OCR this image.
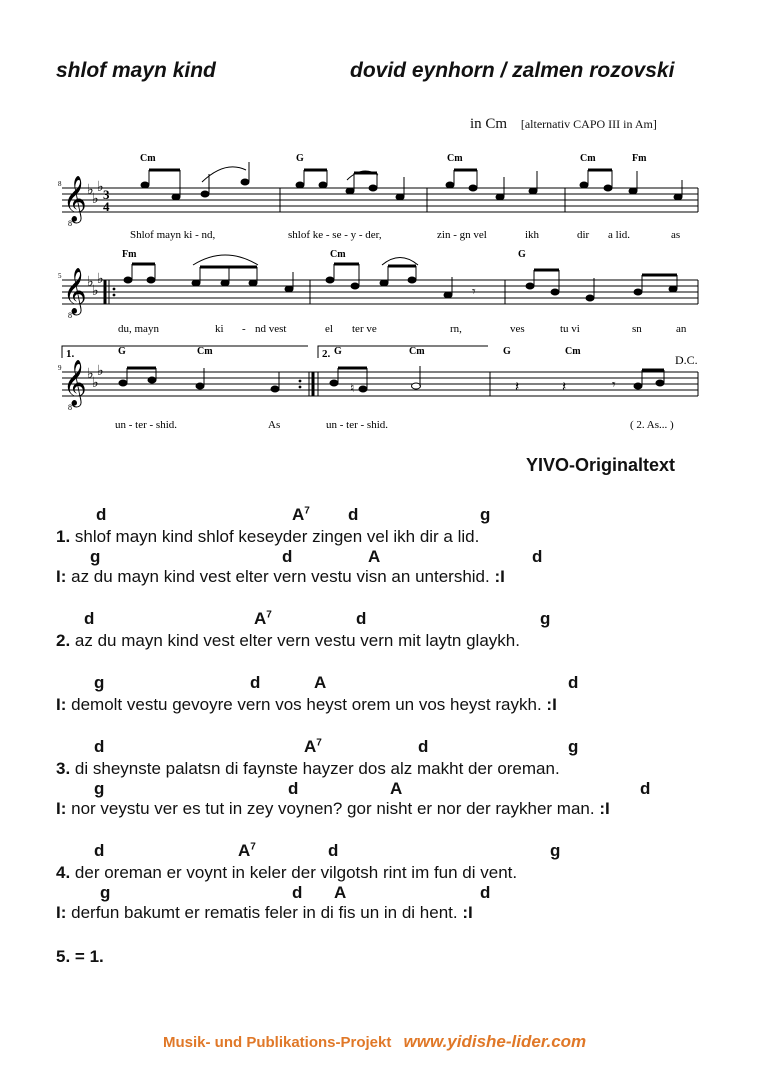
shlof mayn kind	dovid eynhorn / zalmen rozovski
in Cm [alternativ CAPO III in Am]
𝄞
𝄞
𝄞
8
8
8
8
5
9
♭
♭
♭
♭
♭
♭
♭
♭
♭
3
4
𝄾
1.	2.
♮	𝄽	𝄽	𝄾
D.C.
Cm	G	Cm	Cm	Fm
Fm	Cm	G
G	Cm	G	Cm	G	Cm
Shlof mayn ki - nd,	shlof ke - se - y - der,	zin - gn vel	ikh	dir a lid.	as
du, mayn	ki - nd vest	el ter ve	rn,	ves	tu vi	sn	an
un - ter - shid.	As	un - ter - shid.	( 2. As... )
YIVO-Originaltext
d	$A^7$ d	g
1. shlof mayn kind shlof keseyder zingen vel ikh dir a lid.
g	d	A	d
I: az du mayn kind vest elter vern vestu visn an untershid. :I
d	$A^7$	d	g
2. az du mayn kind vest elter vern vestu vern mit laytn glaykh.
g	d	A	d
I: demolt vestu gevoyre vern vos heyst orem un vos heyst raykh. :I
d	$A^7$	d	g
3. di sheynste palatsn di faynste hayzer dos alz makht der oreman.
g	d	A	d
I: nor veystu ver es tut in zey voynen? gor nisht er nor der raykher man. :I
d	$A^7$	d	g
4. der oreman er voynt in keler der vilgotsh rint im fun di vent.
g	d A	d
I: derfun bakumt er rematis feler in di fis un in di hent. :I
5. = 1.
Musik- und Publikations-Projekt www.yidishe-lider.com
